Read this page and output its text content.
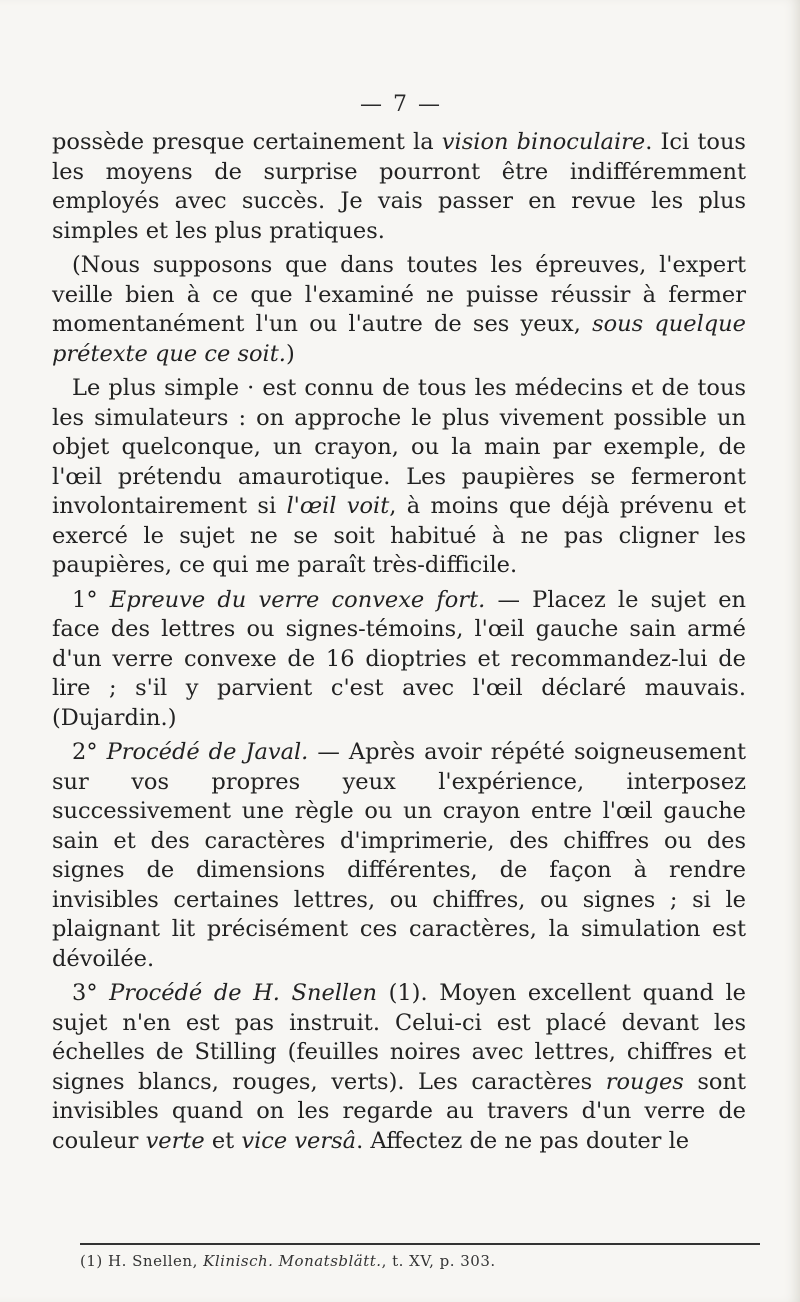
— 7 —

possède presque certainement la vision binoculaire. Ici tous les moyens de surprise pourront être indifféremment employés avec succès. Je vais passer en revue les plus simples et les plus pratiques.

(Nous supposons que dans toutes les épreuves, l'expert veille bien à ce que l'examiné ne puisse réussir à fermer momentanément l'un ou l'autre de ses yeux, sous quelque prétexte que ce soit.)

Le plus simple · est connu de tous les médecins et de tous les simulateurs : on approche le plus vivement possible un objet quelconque, un crayon, ou la main par exemple, de l'œil prétendu amaurotique. Les paupières se fermeront involontairement si l'œil voit, à moins que déjà prévenu et exercé le sujet ne se soit habitué à ne pas cligner les paupières, ce qui me paraît très-difficile.

1° Epreuve du verre convexe fort. — Placez le sujet en face des lettres ou signes-témoins, l'œil gauche sain armé d'un verre convexe de 16 dioptries et recommandez-lui de lire ; s'il y parvient c'est avec l'œil déclaré mauvais. (Dujardin.)

2° Procédé de Javal. — Après avoir répété soigneusement sur vos propres yeux l'expérience, interposez successivement une règle ou un crayon entre l'œil gauche sain et des caractères d'imprimerie, des chiffres ou des signes de dimensions différentes, de façon à rendre invisibles certaines lettres, ou chiffres, ou signes ; si le plaignant lit précisément ces caractères, la simulation est dévoilée.

3° Procédé de H. Snellen (1). Moyen excellent quand le sujet n'en est pas instruit. Celui-ci est placé devant les échelles de Stilling (feuilles noires avec lettres, chiffres et signes blancs, rouges, verts). Les caractères rouges sont invisibles quand on les regarde au travers d'un verre de couleur verte et vice versâ. Affectez de ne pas douter le

(1) H. Snellen, Klinisch. Monatsblätt., t. XV, p. 303.
